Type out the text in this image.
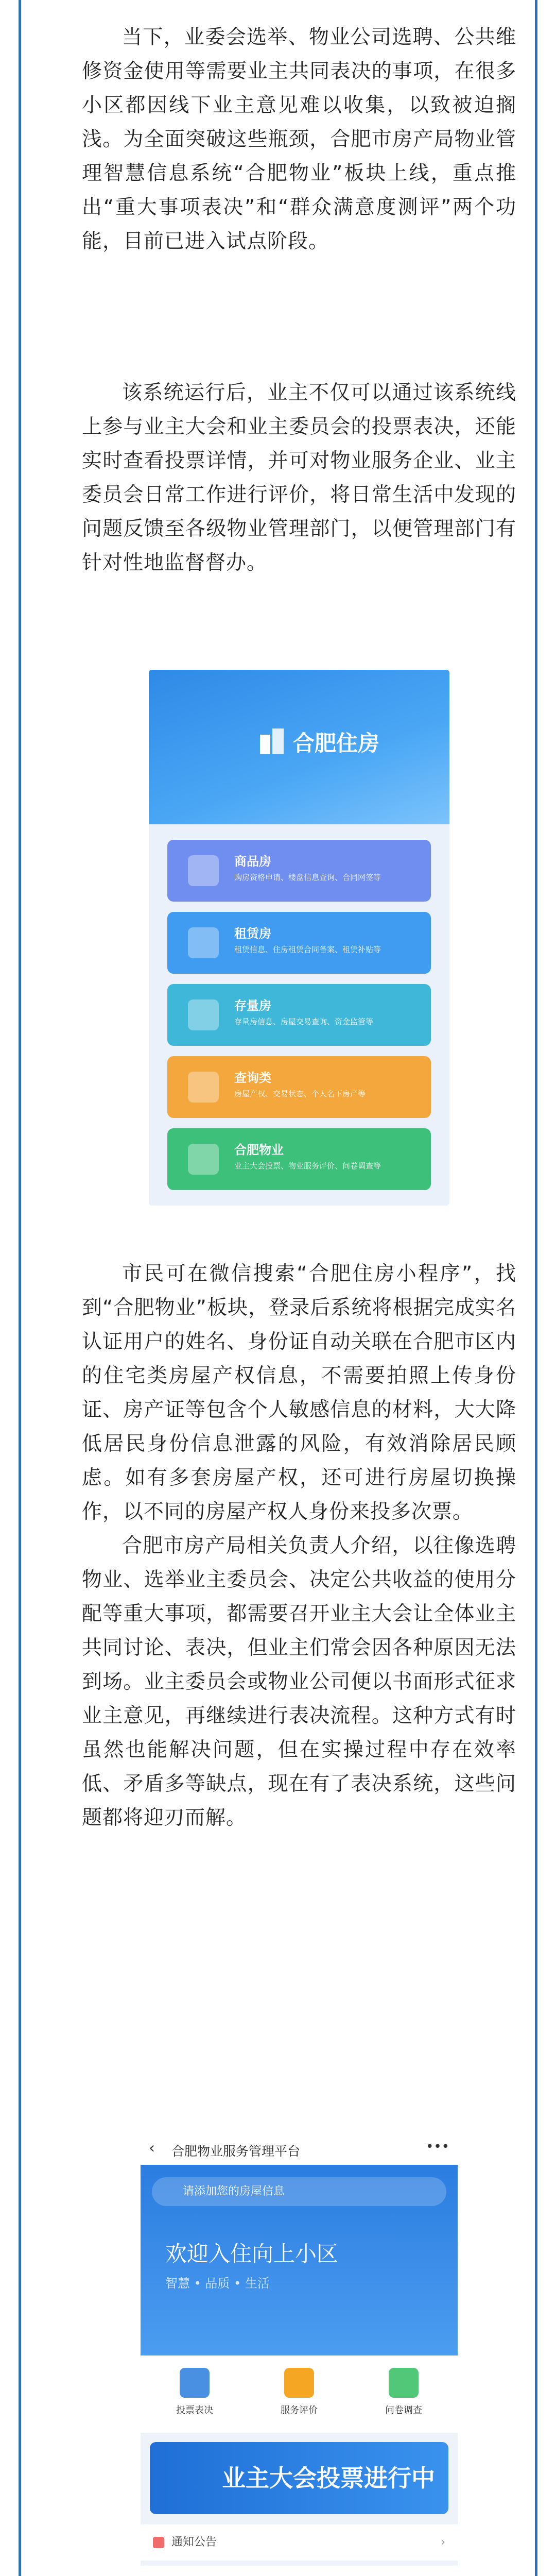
当下，业委会选举、物业公司选聘、公共维修资金使用等需要业主共同表决的事项，在很多小区都因线下业主意见难以收集，以致被迫搁浅。为全面突破这些瓶颈，合肥市房产局物业管理智慧信息系统“合肥物业”板块上线，重点推出“重大事项表决”和“群众满意度测评”两个功能，目前已进入试点阶段。

该系统运行后，业主不仅可以通过该系统线上参与业主大会和业主委员会的投票表决，还能实时查看投票详情，并可对物业服务企业、业主委员会日常工作进行评价，将日常生活中发现的问题反馈至各级物业管理部门，以便管理部门有针对性地监督督办。

合肥住房
商品房
购房资格申请、楼盘信息查询、合同网签等
租赁房
租赁信息、住房租赁合同备案、租赁补贴等
存量房
存量房信息、房屋交易查询、资金监管等
查询类
房屋产权、交易状态、个人名下房产等
合肥物业
业主大会投票、物业服务评价、问卷调查等

市民可在微信搜索“合肥住房小程序”，找到“合肥物业”板块，登录后系统将根据完成实名认证用户的姓名、身份证自动关联在合肥市区内的住宅类房屋产权信息，不需要拍照上传身份证、房产证等包含个人敏感信息的材料，大大降低居民身份信息泄露的风险，有效消除居民顾虑。如有多套房屋产权，还可进行房屋切换操作，以不同的房屋产权人身份来投多次票。

合肥市房产局相关负责人介绍，以往像选聘物业、选举业主委员会、决定公共收益的使用分配等重大事项，都需要召开业主大会让全体业主共同讨论、表决，但业主们常会因各种原因无法到场。业主委员会或物业公司便以书面形式征求业主意见，再继续进行表决流程。这种方式有时虽然也能解决问题，但在实操过程中存在效率低、矛盾多等缺点，现在有了表决系统，这些问题都将迎刃而解。

‹ 合肥物业服务管理平台	•••
请添加您的房屋信息
欢迎入住向上小区
智慧 • 品质 • 生活
投票表决	服务评价	问卷调查
业主大会投票进行中
通知公告	›
